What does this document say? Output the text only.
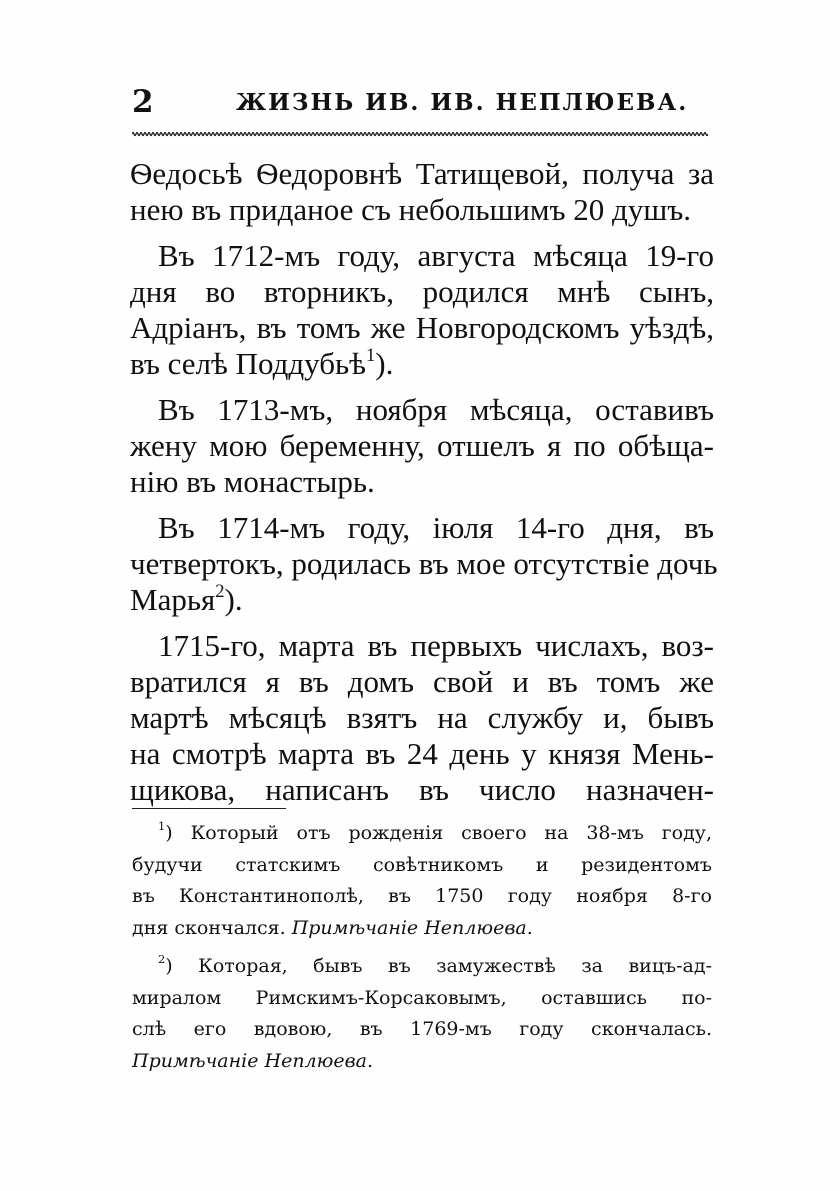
2	ЖИЗНЬ ИВ. ИВ. НЕПЛЮЕВА.

Ѳедосьѣ Ѳедоровнѣ Татищевой, получа за
нею въ приданое съ небольшимъ 20 душъ.

Въ 1712-мъ году, августа мѣсяца 19-го
дня во вторникъ, родился мнѣ сынъ,
Адріанъ, въ томъ же Новгородскомъ уѣздѣ,
въ селѣ Поддубьѣ$^1$).

Въ 1713-мъ, ноября мѣсяца, оставивъ
жену мою беременну, отшелъ я по обѣща-
нію въ монастырь.

Въ 1714-мъ году, іюля 14-го дня, въ
четвертокъ, родилась въ мое отсутствіе дочь
Марья$^2$).

1715-го, марта въ первыхъ числахъ, воз-
вратился я въ домъ свой и въ томъ же
мартѣ мѣсяцѣ взятъ на службу и, бывъ
на смотрѣ марта въ 24 день у князя Мень-
щикова, написанъ въ число назначен-

$^1$) Который отъ рожденія своего на 38-мъ году,
будучи статскимъ совѣтникомъ и резидентомъ
въ Константинополѣ, въ 1750 году ноября 8-го
дня скончался. Примѣчаніе Неплюева.

$^2$) Которая, бывъ въ замужествѣ за вицъ-ад-
миралом Римскимъ-Корсаковымъ, оставшись по-
слѣ его вдовою, въ 1769-мъ году скончалась.
Примѣчаніе Неплюева.
